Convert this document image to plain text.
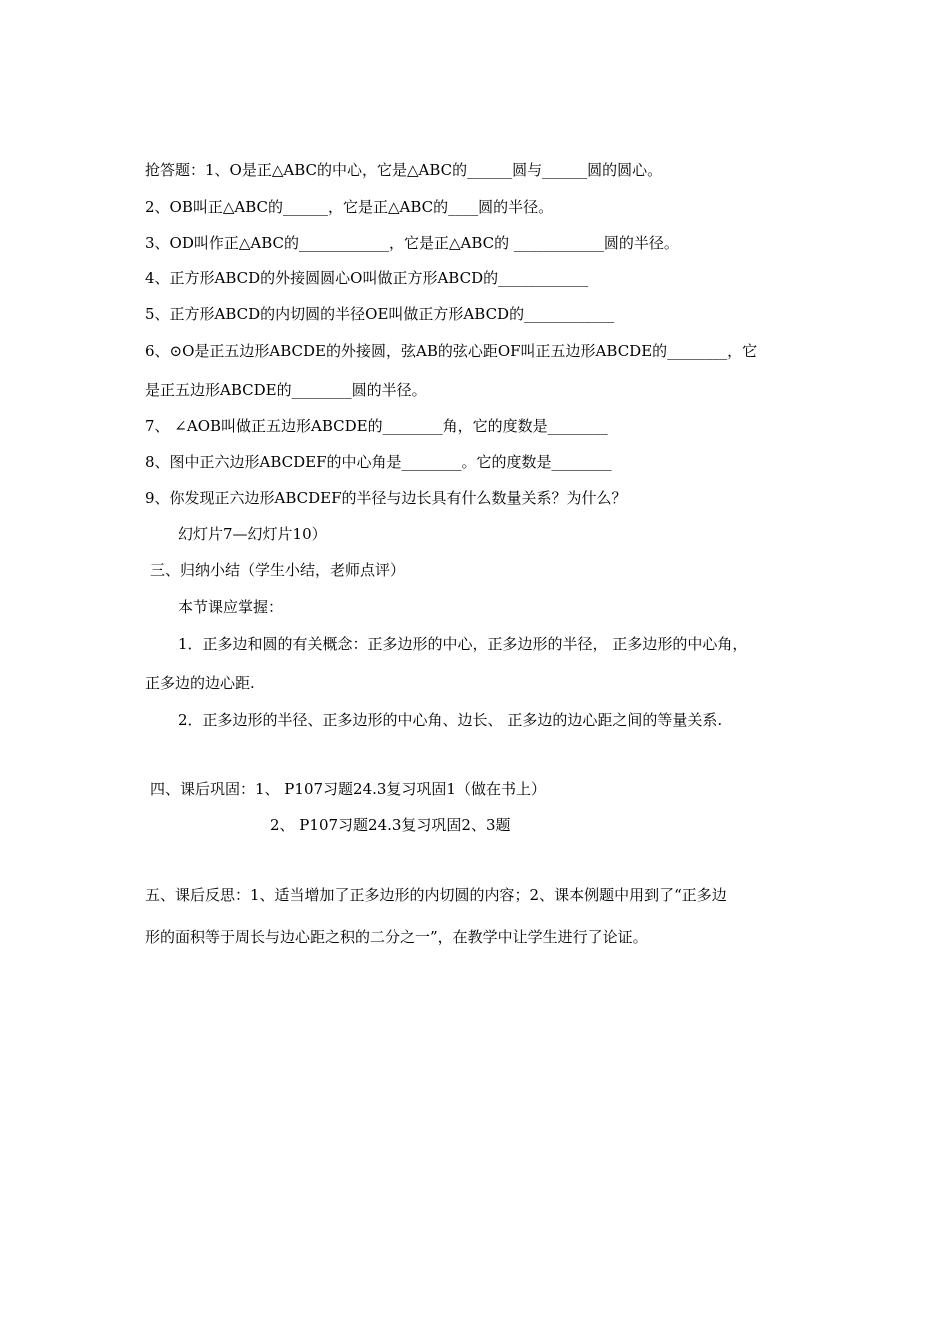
抢答题：1、O是正△ABC的中心，它是△ABC的______圆与______圆的圆心。
2、OB叫正△ABC的______，它是正△ABC的____圆的半径。
3、OD叫作正△ABC的____________，它是正△ABC的 ____________圆的半径。
4、正方形ABCD的外接圆圆心O叫做正方形ABCD的____________
5、正方形ABCD的内切圆的半径OE叫做正方形ABCD的____________
6、⊙O是正五边形ABCDE的外接圆，弦AB的弦心距OF叫正五边形ABCDE的________，它
是正五边形ABCDE的________圆的半径。
7、 ∠AOB叫做正五边形ABCDE的________角，它的度数是________
8、图中正六边形ABCDEF的中心角是________。它的度数是________
9、你发现正六边形ABCDEF的半径与边长具有什么数量关系？为什么？
幻灯片7—幻灯片10）
三、归纳小结（学生小结，老师点评）
本节课应掌握：
1．正多边和圆的有关概念：正多边形的中心，正多边形的半径， 正多边形的中心角，
正多边的边心距.
2．正多边形的半径、正多边形的中心角、边长、 正多边的边心距之间的等量关系.
四、课后巩固：1、 P107习题24.3复习巩固1（做在书上）
2、 P107习题24.3复习巩固2、3题
五、课后反思：1、适当增加了正多边形的内切圆的内容；2、课本例题中用到了“正多边
形的面积等于周长与边心距之积的二分之一”，在教学中让学生进行了论证。
